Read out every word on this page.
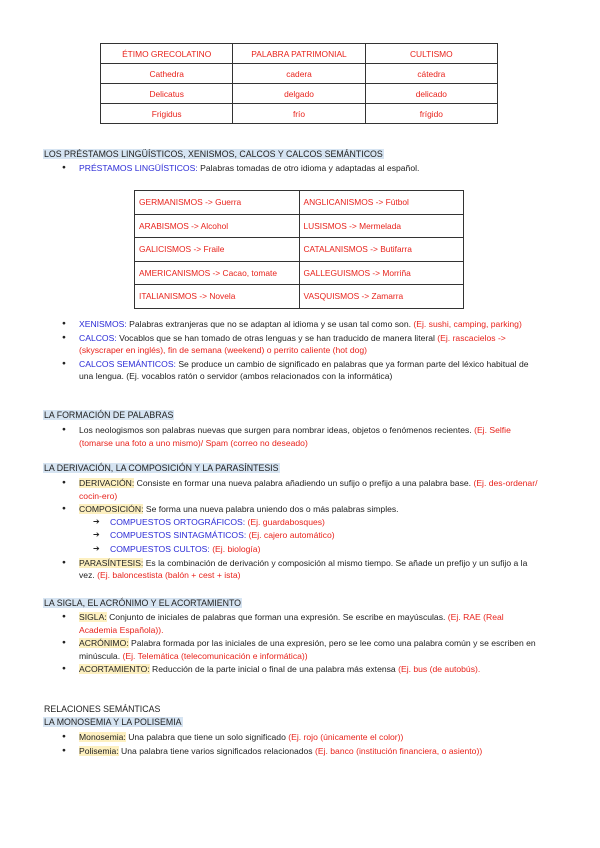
ÉTIMO GRECOLATINO	PALABRA PATRIMONIAL	CULTISMO
Cathedra	cadera	cátedra
Delicatus	delgado	delicado
Frigidus	frío	frígido
LOS PRÉSTAMOS LINGÜÍSTICOS, XENISMOS, CALCOS Y CALCOS SEMÁNTICOS
● PRÉSTAMOS LINGÜÍSTICOS: Palabras tomadas de otro idioma y adaptadas al español.
GERMANISMOS -> Guerra	ANGLICANISMOS -> Fútbol
ARABISMOS -> Alcohol	LUSISMOS -> Mermelada
GALICISMOS -> Fraile	CATALANISMOS -> Butifarra
AMERICANISMOS -> Cacao, tomate	GALLEGUISMOS -> Morriña
ITALIANISMOS -> Novela	VASQUISMOS -> Zamarra
● XENISMOS: Palabras extranjeras que no se adaptan al idioma y se usan tal como son. (Ej. sushi, camping, parking)
● CALCOS: Vocablos que se han tomado de otras lenguas y se han traducido de manera literal (Ej. rascacielos -> (skyscraper en inglés), fin de semana (weekend) o perrito caliente (hot dog)
● CALCOS SEMÁNTICOS: Se produce un cambio de significado en palabras que ya forman parte del léxico habitual de una lengua. (Ej. vocablos ratón o servidor (ambos relacionados con la informática)
LA FORMACIÓN DE PALABRAS
● Los neologismos son palabras nuevas que surgen para nombrar ideas, objetos o fenómenos recientes. (Ej. Selfie (tomarse una foto a uno mismo)/ Spam (correo no deseado)
LA DERIVACIÓN, LA COMPOSICIÓN Y LA PARASÍNTESIS
● DERIVACIÓN: Consiste en formar una nueva palabra añadiendo un sufijo o prefijo a una palabra base. (Ej. des-ordenar/ cocin-ero)
● COMPOSICIÓN: Se forma una nueva palabra uniendo dos o más palabras simples.
➔ COMPUESTOS ORTOGRÁFICOS: (Ej. guardabosques)
➔ COMPUESTOS SINTAGMÁTICOS: (Ej. cajero automático)
➔ COMPUESTOS CULTOS: (Ej. biología)
● PARASÍNTESIS: Es la combinación de derivación y composición al mismo tiempo. Se añade un prefijo y un sufijo a la vez. (Ej. baloncestista (balón + cest + ista)
LA SIGLA, EL ACRÓNIMO Y EL ACORTAMIENTO
● SIGLA: Conjunto de iniciales de palabras que forman una expresión. Se escribe en mayúsculas. (Ej. RAE (Real Academia Española)).
● ACRÓNIMO: Palabra formada por las iniciales de una expresión, pero se lee como una palabra común y se escriben en minúscula. (Ej. Telemática (telecomunicación e informática))
● ACORTAMIENTO: Reducción de la parte inicial o final de una palabra más extensa (Ej. bus (de autobús).
RELACIONES SEMÁNTICAS
LA MONOSEMIA Y LA POLISEMIA
● Monosemia: Una palabra que tiene un solo significado (Ej. rojo (únicamente el color))
● Polisemia: Una palabra tiene varios significados relacionados (Ej. banco (institución financiera, o asiento))
